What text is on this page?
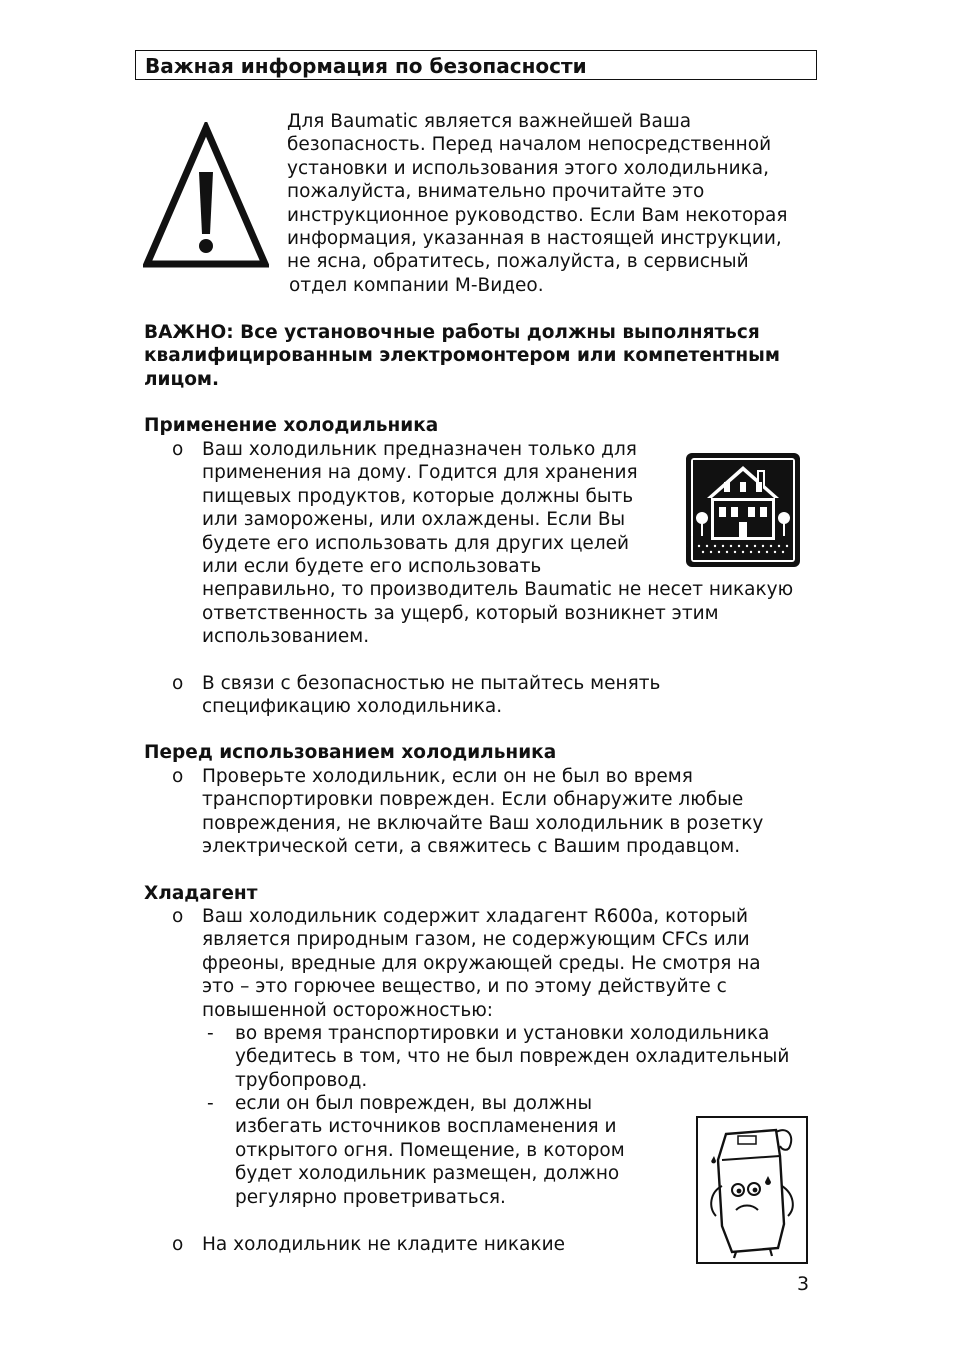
Важная информация по безопасности
Для Baumatic является важнейшей Ваша
безопасность. Перед началом непосредственной
установки и использования этого холодильника,
пожалуйста, внимательно прочитайте это
инструкционное руководство. Если Вам некоторая
информация, указанная в настоящей инструкции,
не ясна, обратитесь, пожалуйста, в сервисный
отдел компании М-Видео.
ВАЖНО: Все установочные работы должны выполняться
квалифицированным электромонтером или компетентным
лицом.
Применение холодильника
o Ваш холодильник предназначен только для
применения на дому. Годится для хранения
пищевых продуктов, которые должны быть
или заморожены, или охлаждены. Если Вы
будете его использовать для других целей
или если будете его использовать
неправильно, то производитель Baumatic не несет никакую
ответственность за ущерб, который возникнет этим
использованием.
o В связи с безопасностью не пытайтесь менять
спецификацию холодильника.
Перед использованием холодильника
o Проверьте холодильник, если он не был во время
транспортировки поврежден. Если обнаружите любые
повреждения, не включайте Ваш холодильник в розетку
электрической сети, а свяжитесь с Вашим продавцом.
Хладагент
o Ваш холодильник содержит хладагент R600a, который
является природным газом, не содержующим CFCs или
фреоны, вредные для окружающей среды. Не смотря на
это – это горючее вещество, и по этому действуйте с
повышенной осторожностью:
- во время транспортировки и установки холодильника
убедитесь в том, что не был поврежден охладительный
трубопровод.
- если он был поврежден, вы должны
избегать источников воспламенения и
открытого огня. Помещение, в котором
будет холодильник размещен, должно
регулярно проветриваться.
o На холодильник не кладите никакие
3
